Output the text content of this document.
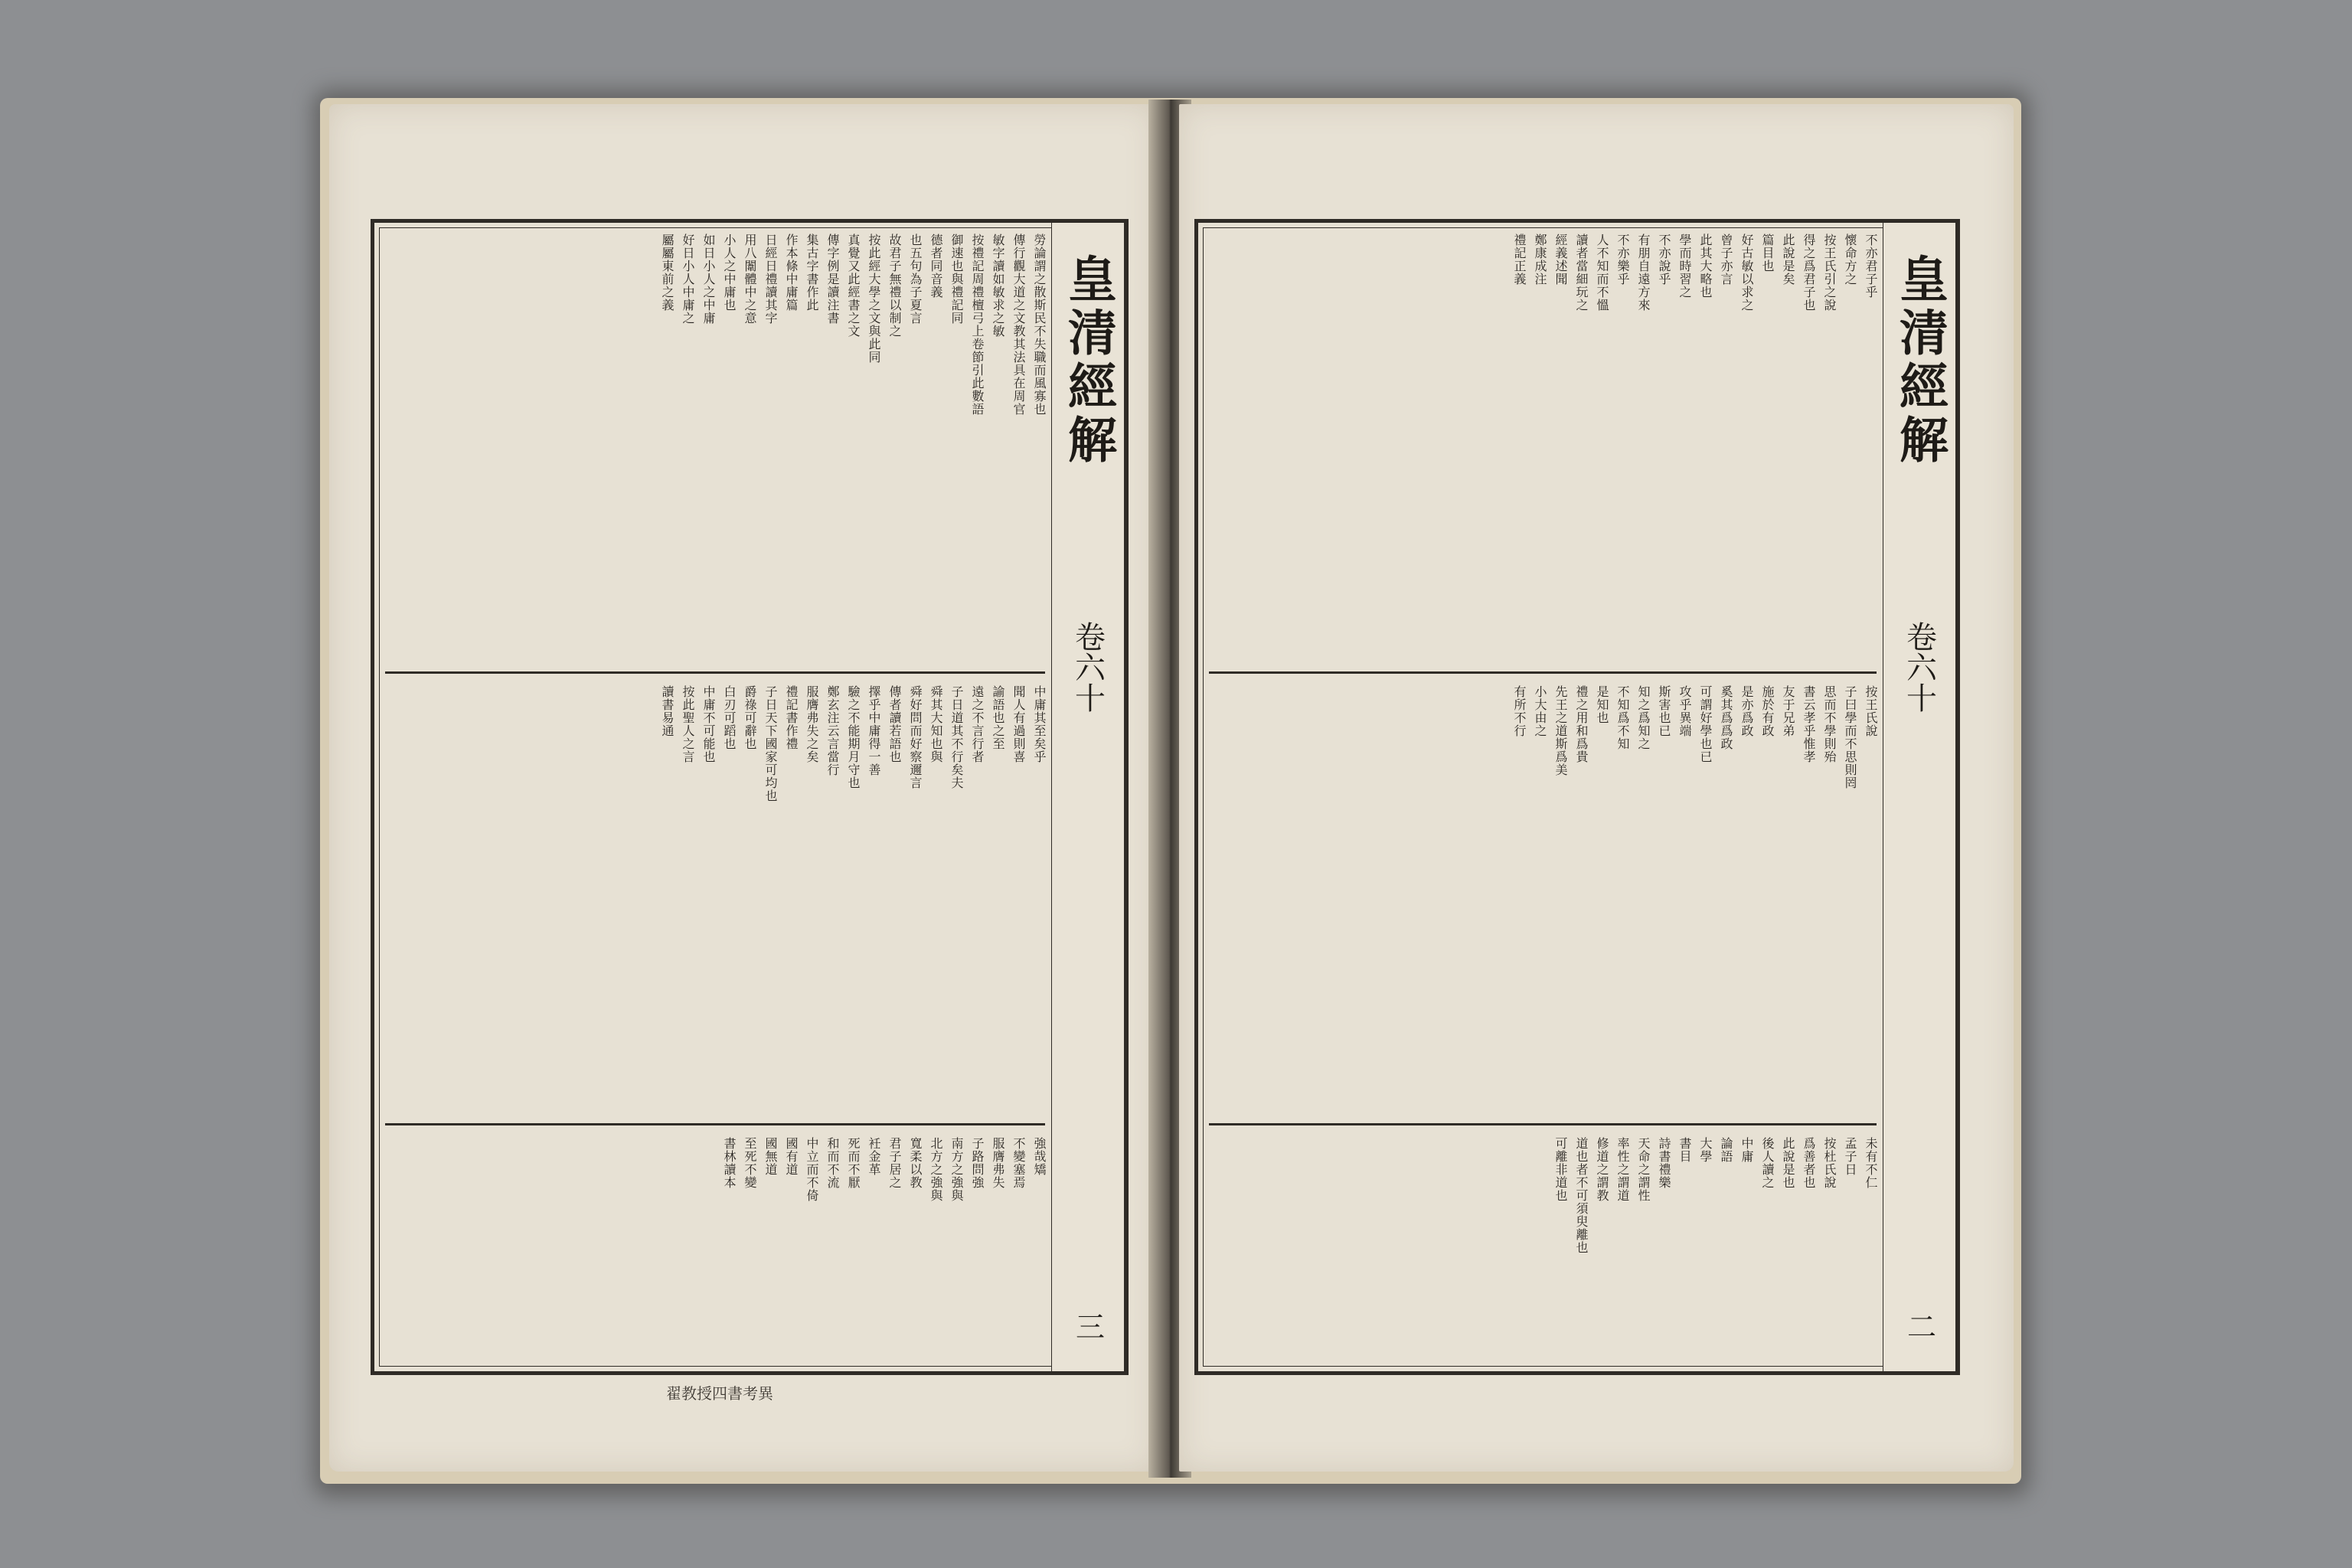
勞論謂之散斯民不失職而風寡也
傳行觀大道之文教其法具在周官
敏字讀如敏求之敏
按禮記周禮檀弓上卷節引此數語
御速也與禮記同
德者同音義
也五句為子夏言
故君子無禮以制之
按此經大學之文與此同
真覺又此經書之文
傳字例是讀注書
集古字書作此
作本條中庸篇
日經日禮讀其字
用八闈體中之意
小人之中庸也
如日小人之中庸
好日小人中庸之
屬屬東前之義
中庸其至矣乎
聞人有過則喜
諭語也之至
遠之不言行者
子日道其不行矣夫
舜其大知也與
舜好問而好察邇言
傳者讀若語也
擇乎中庸得一善
驗之不能期月守也
鄭玄注云言當行
服膺弗失之矣
禮記書作禮
子日天下國家可均也
爵祿可辭也
白刃可蹈也
中庸不可能也
按此聖人之言
讀書易通
強哉矯
不變塞焉
服膺弗失
子路問強
南方之強與
北方之強與
寬柔以教
君子居之
衽金革
死而不厭
和而不流
中立而不倚
國有道
國無道
至死不變
書林讀本
皇清經解
卷六十
三
翟教授四書考異
不亦君子乎
懷命方之
按王氏引之說
得之爲君子也
此說是矣
篇目也
好古敏以求之
曾子亦言
此其大略也
學而時習之
不亦說乎
有朋自遠方來
不亦樂乎
人不知而不慍
讀者當細玩之
經義述聞
鄭康成注
禮記正義
按王氏說
子曰學而不思則罔
思而不學則殆
書云孝乎惟孝
友于兄弟
施於有政
是亦爲政
奚其爲爲政
可謂好學也已
攻乎異端
斯害也已
知之爲知之
不知爲不知
是知也
禮之用和爲貴
先王之道斯爲美
小大由之
有所不行
未有不仁
孟子日
按杜氏說
爲善者也
此說是也
後人讀之
中庸
論語
大學
書目
詩書禮樂
天命之謂性
率性之謂道
修道之謂教
道也者不可須臾離也
可離非道也
皇清經解
卷六十
二
